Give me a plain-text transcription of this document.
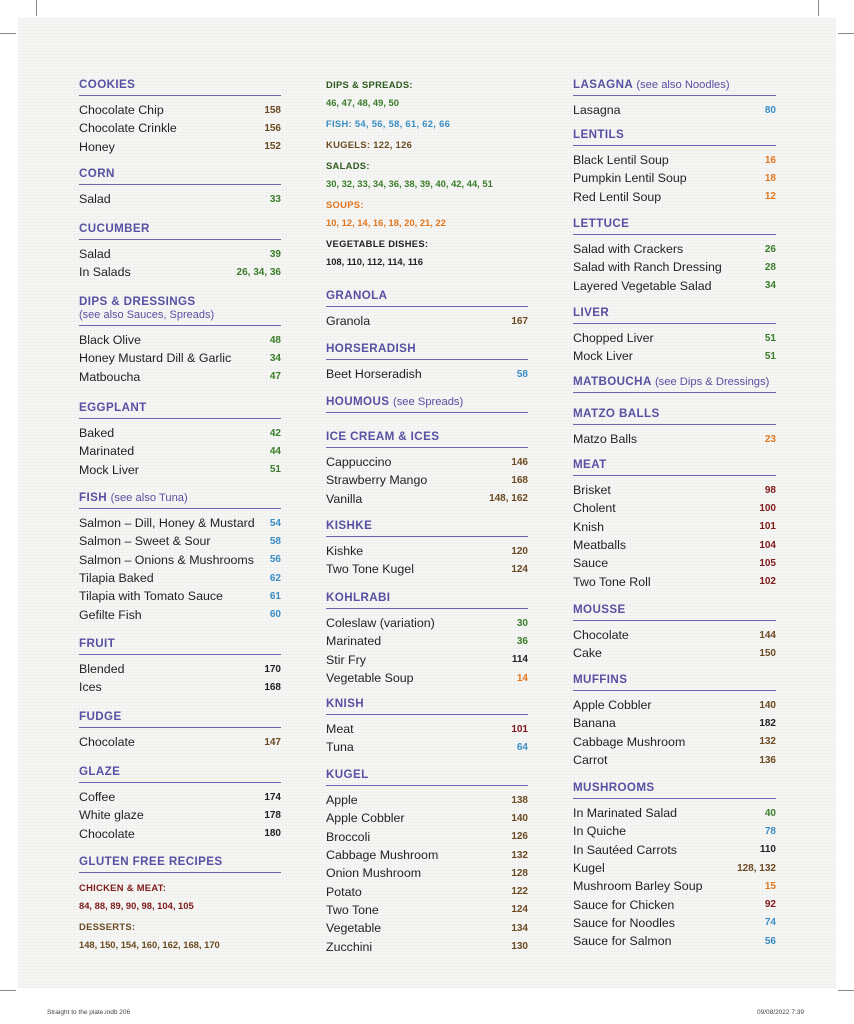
COOKIES
Chocolate Chip	158
Chocolate Crinkle	156
Honey	152
CORN
Salad	33
CUCUMBER
Salad	39
In Salads	26, 34, 36
DIPS & DRESSINGS
(see also Sauces, Spreads)
Black Olive	48
Honey Mustard Dill & Garlic	34
Matboucha	47
EGGPLANT
Baked	42
Marinated	44
Mock Liver	51
FISH (see also Tuna)
Salmon – Dill, Honey & Mustard 54
Salmon – Sweet & Sour	58
Salmon – Onions & Mushrooms 56
Tilapia Baked	62
Tilapia with Tomato Sauce	61
Gefilte Fish	60
FRUIT
Blended	170
Ices	168
FUDGE
Chocolate	147
GLAZE
Coffee	174
White glaze	178
Chocolate	180
GLUTEN FREE RECIPES
CHICKEN & MEAT:
84, 88, 89, 90, 98, 104, 105
DESSERTS:
148, 150, 154, 160, 162, 168, 170
DIPS & SPREADS:
46, 47, 48, 49, 50
FISH: 54, 56, 58, 61, 62, 66
KUGELS: 122, 126
SALADS:
30, 32, 33, 34, 36, 38, 39, 40, 42, 44, 51
SOUPS:
10, 12, 14, 16, 18, 20, 21, 22
VEGETABLE DISHES:
108, 110, 112, 114, 116
GRANOLA
Granola	167
HORSERADISH
Beet Horseradish	58
HOUMOUS (see Spreads)
ICE CREAM & ICES
Cappuccino	146
Strawberry Mango	168
Vanilla	148, 162
KISHKE
Kishke	120
Two Tone Kugel	124
KOHLRABI
Coleslaw (variation)	30
Marinated	36
Stir Fry	114
Vegetable Soup	14
KNISH
Meat	101
Tuna	64
KUGEL
Apple	138
Apple Cobbler	140
Broccoli	126
Cabbage Mushroom	132
Onion Mushroom	128
Potato	122
Two Tone	124
Vegetable	134
Zucchini	130
LASAGNA (see also Noodles)
Lasagna	80
LENTILS
Black Lentil Soup	16
Pumpkin Lentil Soup	18
Red Lentil Soup	12
LETTUCE
Salad with Crackers	26
Salad with Ranch Dressing	28
Layered Vegetable Salad	34
LIVER
Chopped Liver	51
Mock Liver	51
MATBOUCHA (see Dips & Dressings)
MATZO BALLS
Matzo Balls	23
MEAT
Brisket	98
Cholent	100
Knish	101
Meatballs	104
Sauce	105
Two Tone Roll	102
MOUSSE
Chocolate	144
Cake	150
MUFFINS
Apple Cobbler	140
Banana	182
Cabbage Mushroom	132
Carrot	136
MUSHROOMS
In Marinated Salad	40
In Quiche	78
In Sautéed Carrots	110
Kugel	128, 132
Mushroom Barley Soup	15
Sauce for Chicken	92
Sauce for Noodles	74
Sauce for Salmon	56
Straight to the plate.indb 206	09/08/2022 7:39
